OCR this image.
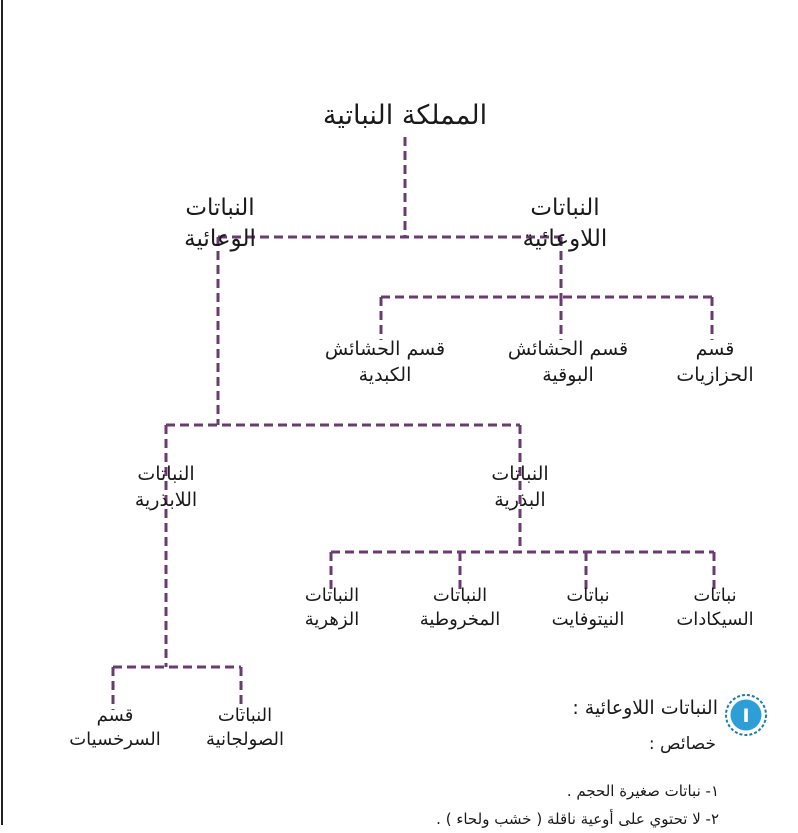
المملكة النباتية
النباتات
الوعائية
النباتات
اللاوعائية
قسم الحشائش
الكبدية
قسم الحشائش
البوقية
قسم
الحزازيات
النباتات
اللابذرية
النباتات
البذرية
النباتات
الزهرية
النباتات
المخروطية
نباتات
النيتوفايت
نباتات
السيكادات
قسم
السرخسيات
النباتات
الصولجانية
I
النباتات اللاوعائية :
خصائص :
١- نباتات صغيرة الحجم .
٢- لا تحتوي على أوعية ناقلة ( خشب ولحاء ) .
